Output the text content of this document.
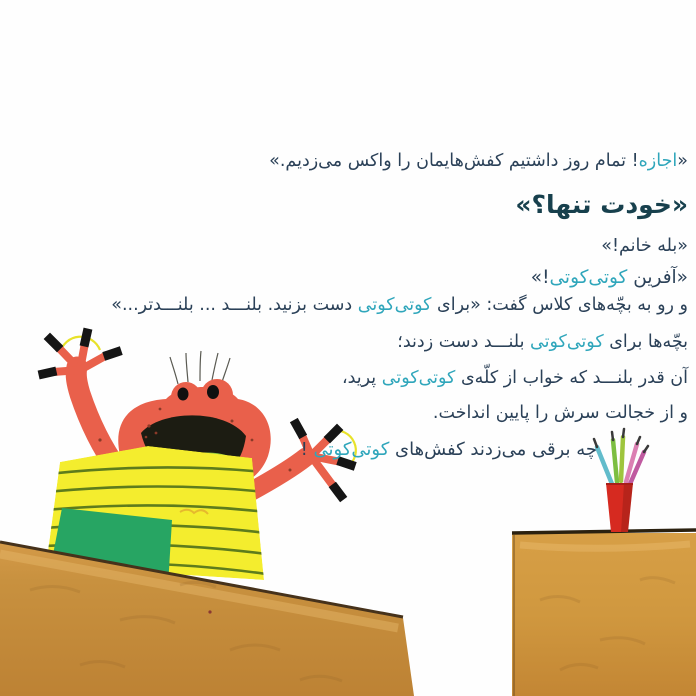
«اجازه! تمام روز داشتیم کفش‌هایمان را واکس می‌زدیم.»
«خودت تنها؟»
«بله خانم!»
«آفرین کوتی‌کوتی!»
و رو به بچّه‌های کلاس گفت: «برای کوتی‌کوتی دست بزنید. بلنـــد ... بلنـــدتر...»
بچّه‌ها برای کوتی‌کوتی بلنـــد دست زدند؛
آن قدر بلنـــد که خواب از کلّه‌ی کوتی‌کوتی پرید،
و از خجالت سرش را پایین انداخت.
چه برقی می‌زدند کفش‌های کوتی‌کوتی !
